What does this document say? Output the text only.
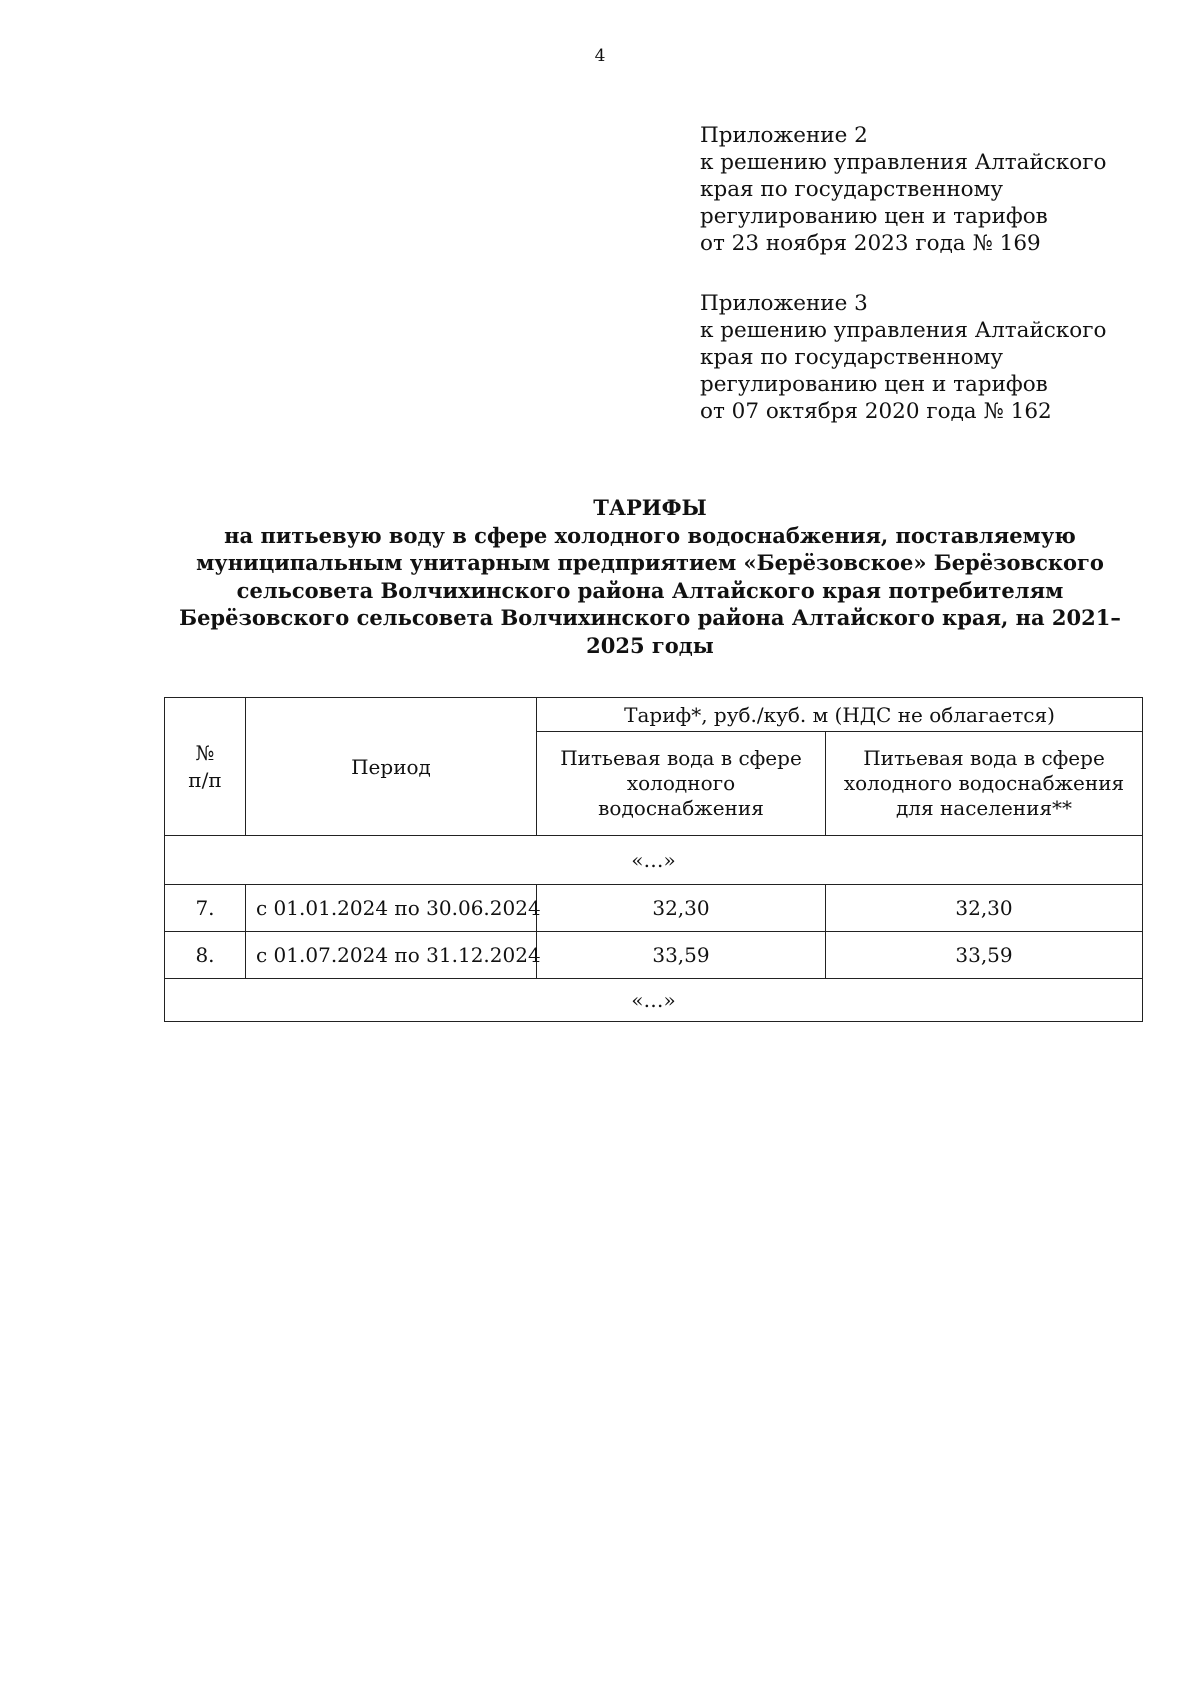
4
Приложение 2
к решению управления Алтайского
края по государственному
регулированию цен и тарифов
от 23 ноября 2023 года № 169
Приложение 3
к решению управления Алтайского
края по государственному
регулированию цен и тарифов
от 07 октября 2020 года № 162
ТАРИФЫ
на питьевую воду в сфере холодного водоснабжения, поставляемую
муниципальным унитарным предприятием «Берёзовское» Берёзовского
сельсовета Волчихинского района Алтайского края потребителям
Берёзовского сельсовета Волчихинского района Алтайского края, на 2021–
2025 годы
№
п/п	Период	Тариф*, руб./куб. м (НДС не облагается)	
		Питьевая вода в сфере холодного водоснабжения	Питьевая вода в сфере холодного водоснабжения для населения**
«…»			
7.	с 01.01.2024 по 30.06.2024	32,30	32,30
8.	с 01.07.2024 по 31.12.2024	33,59	33,59
«…»			
